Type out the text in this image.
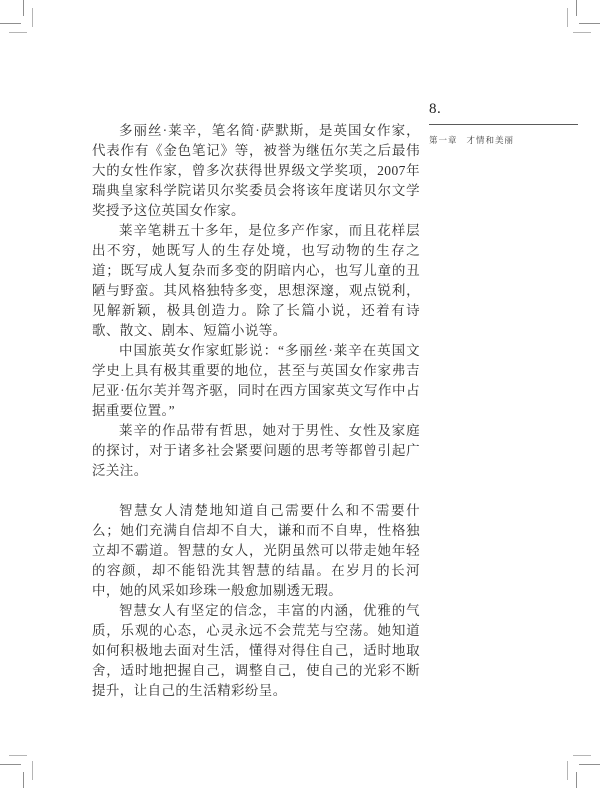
8.
第一章 才情和美丽

多丽丝·莱辛，笔名简·萨默斯，是英国女作家，代表作有《金色笔记》等，被誉为继伍尔芙之后最伟大的女性作家，曾多次获得世界级文学奖项，2007年瑞典皇家科学院诺贝尔奖委员会将该年度诺贝尔文学奖授予这位英国女作家。

莱辛笔耕五十多年，是位多产作家，而且花样层出不穷，她既写人的生存处境，也写动物的生存之道；既写成人复杂而多变的阴暗内心，也写儿童的丑陋与野蛮。其风格独特多变，思想深邃，观点锐利，见解新颖，极具创造力。除了长篇小说，还着有诗歌、散文、剧本、短篇小说等。

中国旅英女作家虹影说：“多丽丝·莱辛在英国文学史上具有极其重要的地位，甚至与英国女作家弗吉尼亚·伍尔芙并驾齐驱，同时在西方国家英文写作中占据重要位置。”

莱辛的作品带有哲思，她对于男性、女性及家庭的探讨，对于诸多社会紧要问题的思考等都曾引起广泛关注。

智慧女人清楚地知道自己需要什么和不需要什么；她们充满自信却不自大，谦和而不自卑，性格独立却不霸道。智慧的女人，光阴虽然可以带走她年轻的容颜，却不能铅洗其智慧的结晶。在岁月的长河中，她的风采如珍珠一般愈加剔透无瑕。

智慧女人有坚定的信念，丰富的内涵，优雅的气质，乐观的心态，心灵永远不会荒芜与空荡。她知道如何积极地去面对生活，懂得对得住自己，适时地取舍，适时地把握自己，调整自己，使自己的光彩不断提升，让自己的生活精彩纷呈。
